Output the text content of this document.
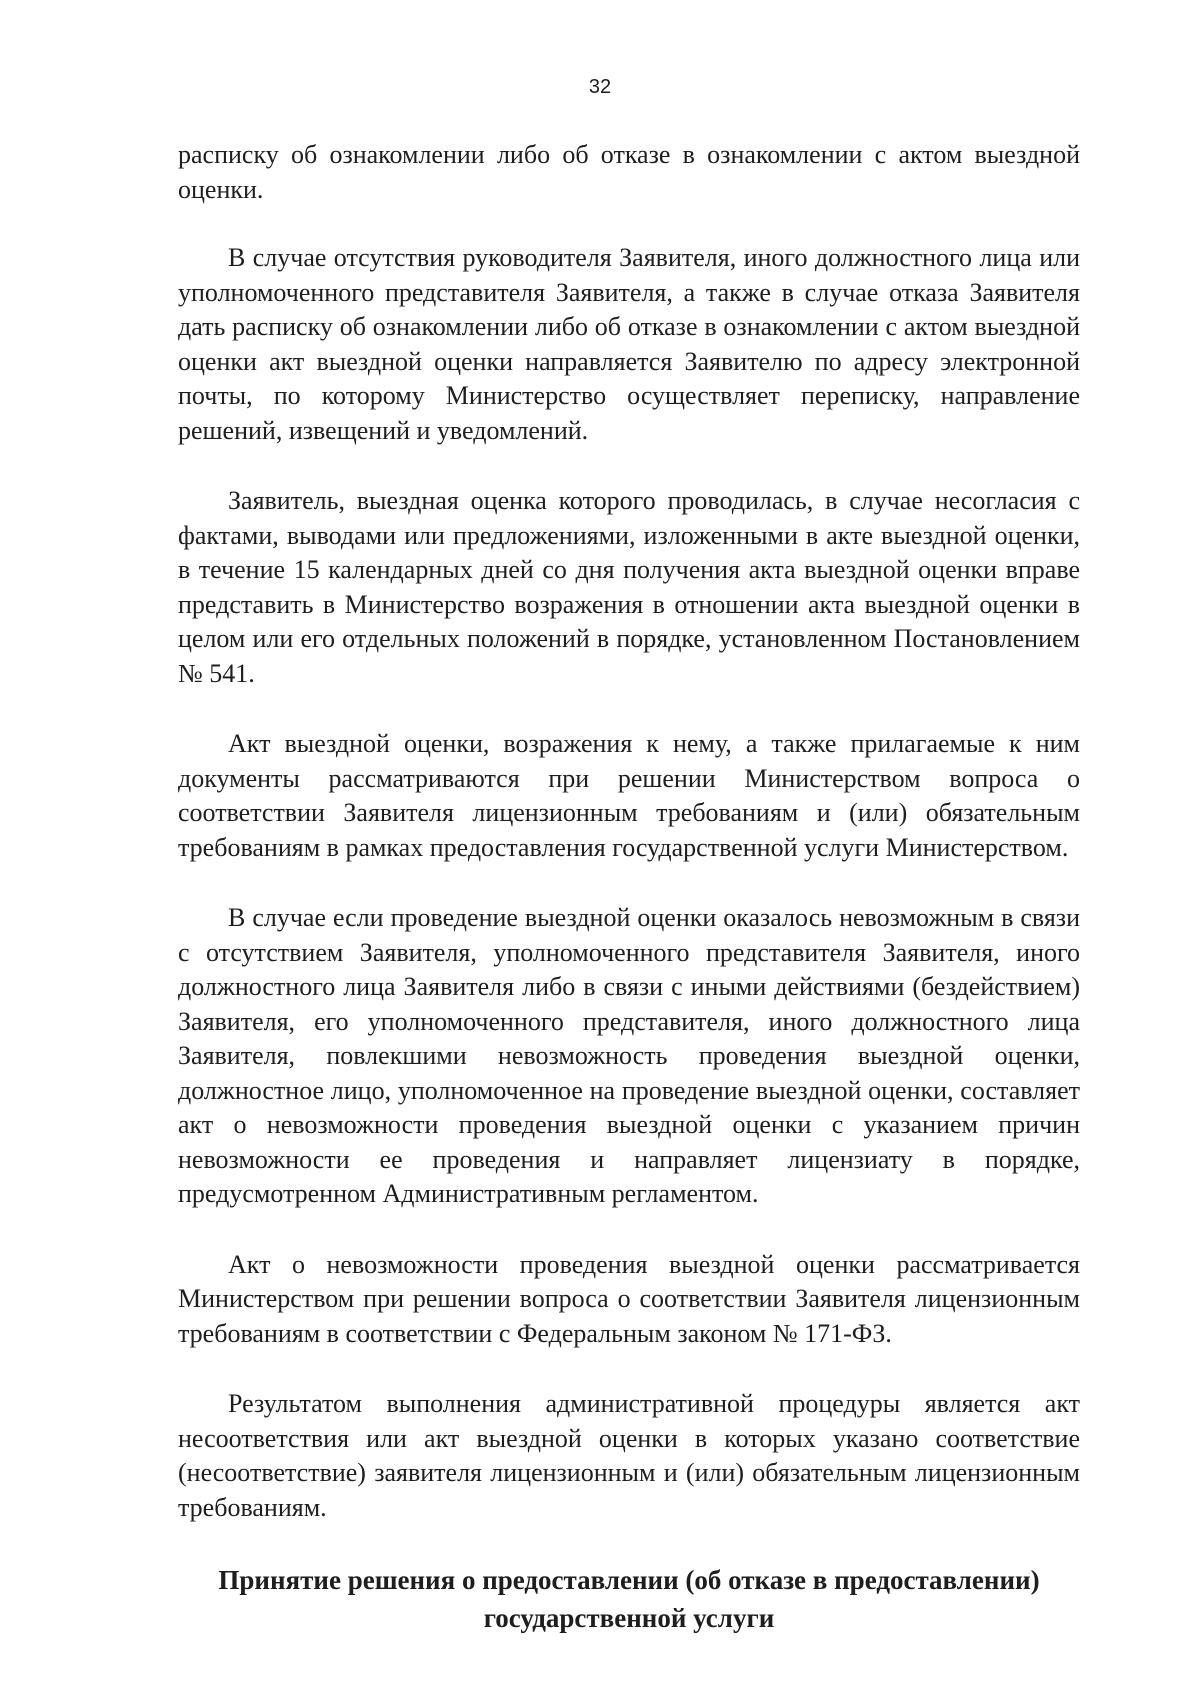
32

расписку об ознакомлении либо об отказе в ознакомлении с актом выездной оценки.

В случае отсутствия руководителя Заявителя, иного должностного лица или уполномоченного представителя Заявителя, а также в случае отказа Заявителя дать расписку об ознакомлении либо об отказе в ознакомлении с актом выездной оценки акт выездной оценки направляется Заявителю по адресу электронной почты, по которому Министерство осуществляет переписку, направление решений, извещений и уведомлений.

Заявитель, выездная оценка которого проводилась, в случае несогласия с фактами, выводами или предложениями, изложенными в акте выездной оценки, в течение 15 календарных дней со дня получения акта выездной оценки вправе представить в Министерство возражения в отношении акта выездной оценки в целом или его отдельных положений в порядке, установленном Постановлением № 541.

Акт выездной оценки, возражения к нему, а также прилагаемые к ним документы рассматриваются при решении Министерством вопроса о соответствии Заявителя лицензионным требованиям и (или) обязательным требованиям в рамках предоставления государственной услуги Министерством.

В случае если проведение выездной оценки оказалось невозможным в связи с отсутствием Заявителя, уполномоченного представителя Заявителя, иного должностного лица Заявителя либо в связи с иными действиями (бездействием) Заявителя, его уполномоченного представителя, иного должностного лица Заявителя, повлекшими невозможность проведения выездной оценки, должностное лицо, уполномоченное на проведение выездной оценки, составляет акт о невозможности проведения выездной оценки с указанием причин невозможности ее проведения и направляет лицензиату в порядке, предусмотренном Административным регламентом.

Акт о невозможности проведения выездной оценки рассматривается Министерством при решении вопроса о соответствии Заявителя лицензионным требованиям в соответствии с Федеральным законом № 171-ФЗ.

Результатом выполнения административной процедуры является акт несоответствия или акт выездной оценки в которых указано соответствие (несоответствие) заявителя лицензионным и (или) обязательным лицензионным требованиям.

Принятие решения о предоставлении (об отказе в предоставлении)
государственной услуги
